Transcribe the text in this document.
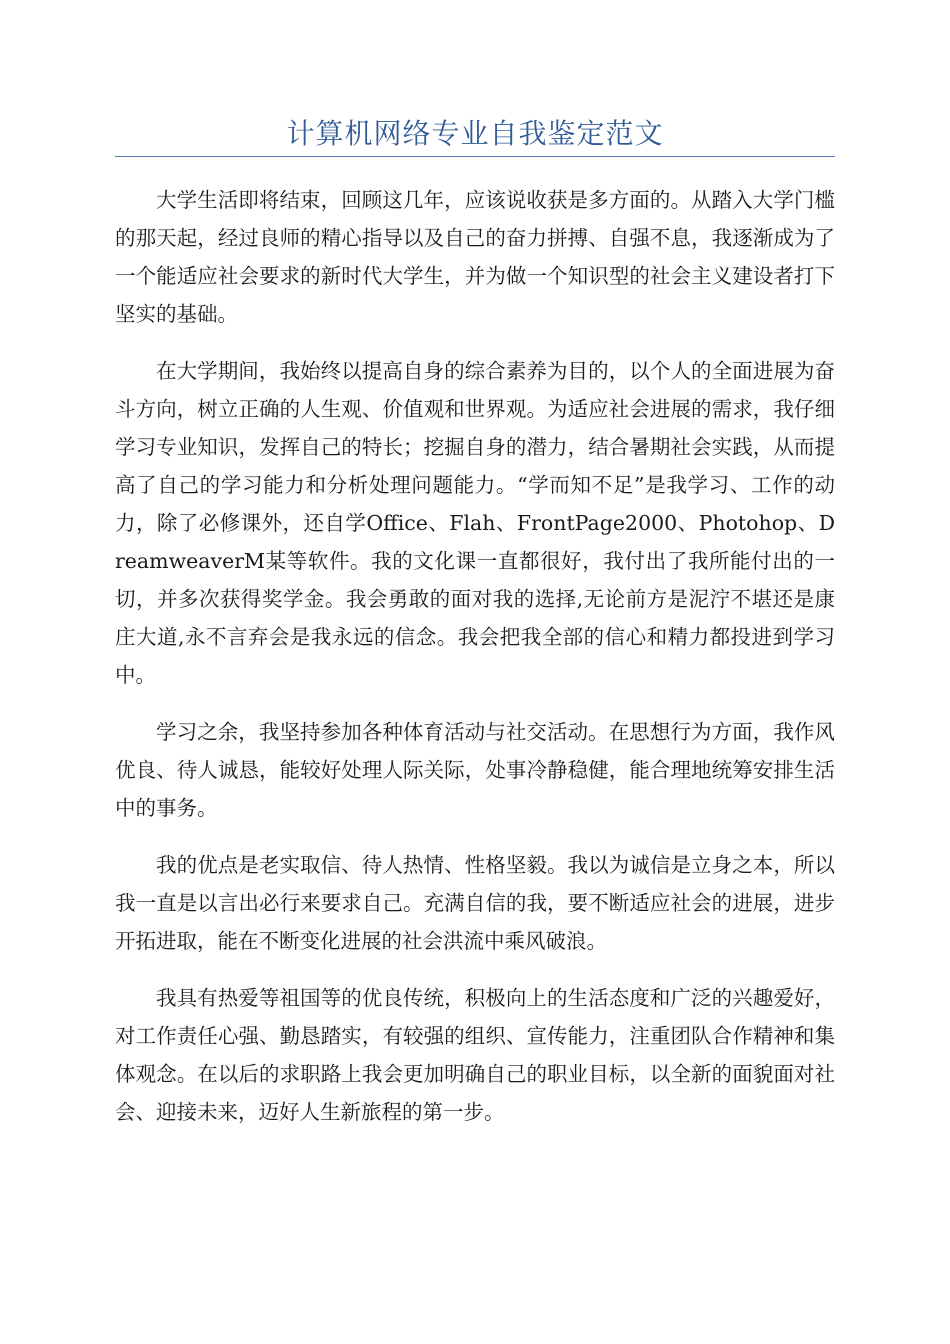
计算机网络专业自我鉴定范文

大学生活即将结束，回顾这几年，应该说收获是多方面的。从踏入大学门槛的那天起，经过良师的精心指导以及自己的奋力拼搏、自强不息，我逐渐成为了一个能适应社会要求的新时代大学生，并为做一个知识型的社会主义建设者打下坚实的基础。

在大学期间，我始终以提高自身的综合素养为目的，以个人的全面进展为奋斗方向，树立正确的人生观、价值观和世界观。为适应社会进展的需求，我仔细学习专业知识，发挥自己的特长；挖掘自身的潜力，结合暑期社会实践，从而提高了自己的学习能力和分析处理问题能力。“学而知不足”是我学习、工作的动力，除了必修课外，还自学Office、Flah、FrontPage2000、Photohop、DreamweaverM某等软件。我的文化课一直都很好，我付出了我所能付出的一切，并多次获得奖学金。我会勇敢的面对我的选择,无论前方是泥泞不堪还是康庄大道,永不言弃会是我永远的信念。我会把我全部的信心和精力都投进到学习中。

学习之余，我坚持参加各种体育活动与社交活动。在思想行为方面，我作风优良、待人诚恳，能较好处理人际关际，处事冷静稳健，能合理地统筹安排生活中的事务。

我的优点是老实取信、待人热情、性格坚毅。我以为诚信是立身之本，所以我一直是以言出必行来要求自己。充满自信的我，要不断适应社会的进展，进步开拓进取，能在不断变化进展的社会洪流中乘风破浪。

我具有热爱等祖国等的优良传统，积极向上的生活态度和广泛的兴趣爱好，对工作责任心强、勤恳踏实，有较强的组织、宣传能力，注重团队合作精神和集体观念。在以后的求职路上我会更加明确自己的职业目标，以全新的面貌面对社会、迎接未来，迈好人生新旅程的第一步。
